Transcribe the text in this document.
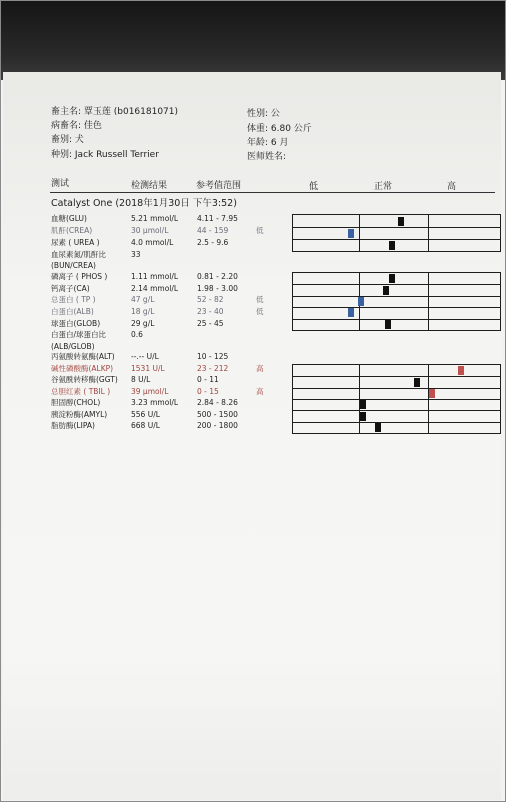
畜主名: 覃玉莲 (b016181071)
病畜名: 佳色
畜别: 犬
种别: Jack Russell Terrier
性别: 公
体重: 6.80 公斤
年龄: 6 月
医师姓名:
测试	检测结果	参考值范围	低	正常	高
Catalyst One (2018年1月30日 下午3:52)
血糖(GLU)	5.21 mmol/L	4.11 - 7.95
肌酐(CREA)	30 µmol/L	44 - 159	低
尿素 ( UREA )	4.0 mmol/L	2.5 - 9.6
血尿素氮/肌酐比	33
(BUN/CREA)
磷离子 ( PHOS )	1.11 mmol/L	0.81 - 2.20
钙离子(CA)	2.14 mmol/L	1.98 - 3.00
总蛋白 ( TP )	47 g/L	52 - 82	低
白蛋白(ALB)	18 g/L	23 - 40	低
球蛋白(GLOB)	29 g/L	25 - 45
白蛋白/球蛋白比	0.6
(ALB/GLOB)
丙氨酸转氨酶(ALT) --.-- U/L	10 - 125
碱性磷酸酶(ALKP) 1531 U/L	23 - 212	高
谷氨酰转移酶(GGT) 8 U/L	0 - 11
总胆红素 ( TBIL )	39 µmol/L	0 - 15	高
胆固醇(CHOL)	3.23 mmol/L	2.84 - 8.26
胰淀粉酶(AMYL)	556 U/L	500 - 1500
脂肪酶(LIPA)	668 U/L	200 - 1800
